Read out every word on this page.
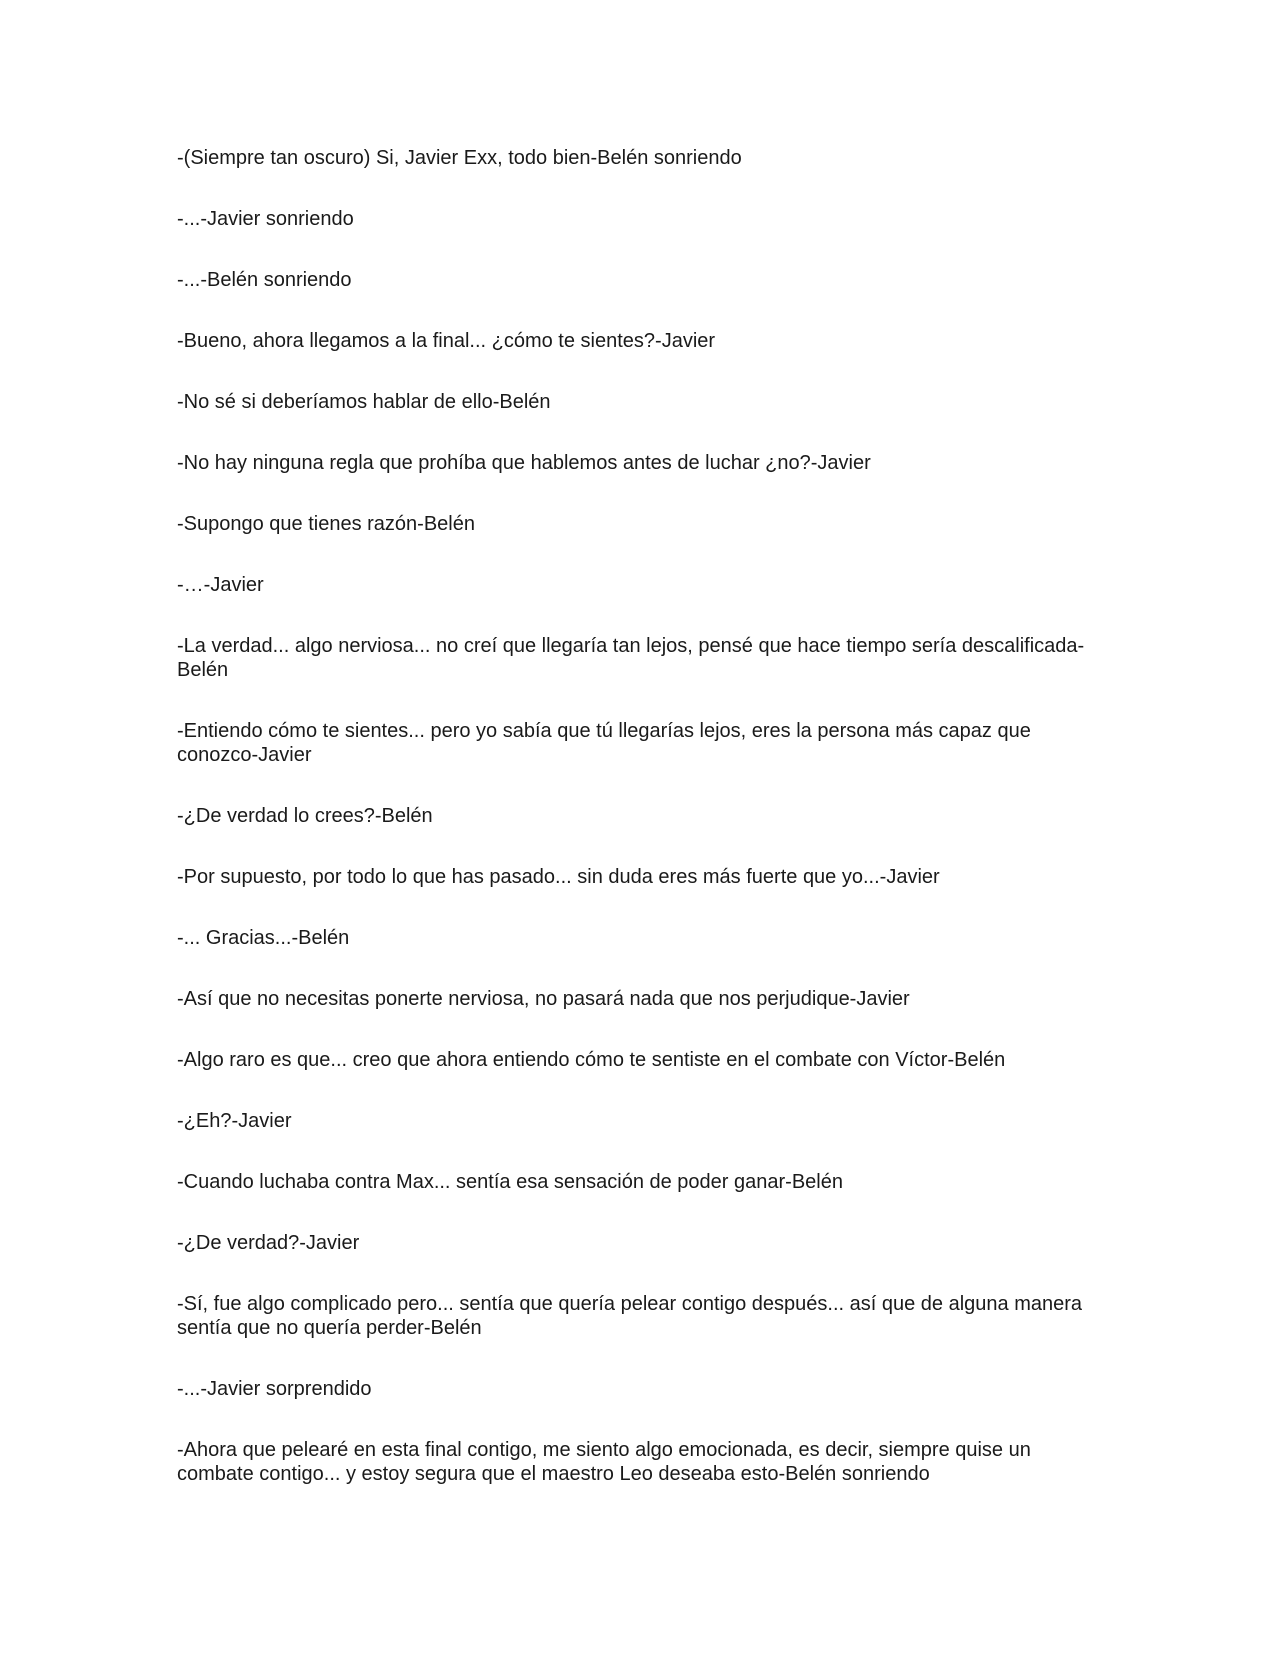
-(Siempre tan oscuro) Si, Javier Exx, todo bien-Belén sonriendo

-...-Javier sonriendo

-...-Belén sonriendo

-Bueno, ahora llegamos a la final... ¿cómo te sientes?-Javier

-No sé si deberíamos hablar de ello-Belén

-No hay ninguna regla que prohíba que hablemos antes de luchar ¿no?-Javier

-Supongo que tienes razón-Belén

-…-Javier

-La verdad... algo nerviosa... no creí que llegaría tan lejos, pensé que hace tiempo sería descalificada-Belén

-Entiendo cómo te sientes... pero yo sabía que tú llegarías lejos, eres la persona más capaz que conozco-Javier

-¿De verdad lo crees?-Belén

-Por supuesto, por todo lo que has pasado... sin duda eres más fuerte que yo...-Javier

-... Gracias...-Belén

-Así que no necesitas ponerte nerviosa, no pasará nada que nos perjudique-Javier

-Algo raro es que... creo que ahora entiendo cómo te sentiste en el combate con Víctor-Belén

-¿Eh?-Javier

-Cuando luchaba contra Max... sentía esa sensación de poder ganar-Belén

-¿De verdad?-Javier

-Sí, fue algo complicado pero... sentía que quería pelear contigo después... así que de alguna manera sentía que no quería perder-Belén

-...-Javier sorprendido

-Ahora que pelearé en esta final contigo, me siento algo emocionada, es decir, siempre quise un combate contigo... y estoy segura que el maestro Leo deseaba esto-Belén sonriendo
